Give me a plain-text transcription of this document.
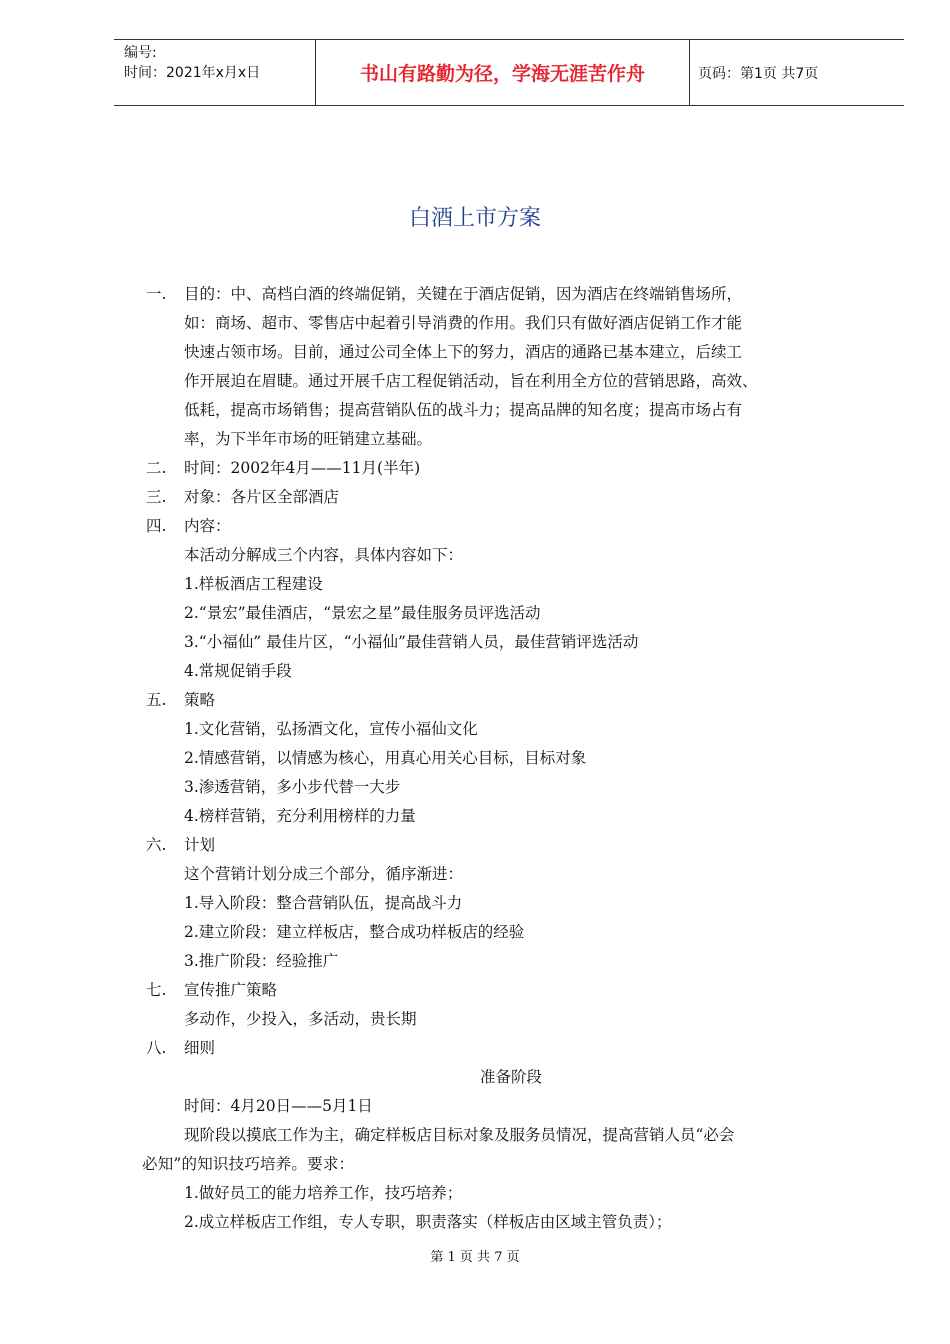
编号:
时间：2021年x月x日	书山有路勤为径，学海无涯苦作舟	页码：第1页 共7页
白酒上市方案
一. 目的：中、高档白酒的终端促销，关键在于酒店促销，因为酒店在终端销售场所，
如：商场、超市、零售店中起着引导消费的作用。我们只有做好酒店促销工作才能
快速占领市场。目前，通过公司全体上下的努力，酒店的通路已基本建立，后续工
作开展迫在眉睫。通过开展千店工程促销活动，旨在利用全方位的营销思路，高效、
低耗，提高市场销售；提高营销队伍的战斗力；提高品牌的知名度；提高市场占有
率，为下半年市场的旺销建立基础。
二. 时间：2002年4月——11月(半年)
三. 对象：各片区全部酒店
四. 内容：
本活动分解成三个内容，具体内容如下：
1.样板酒店工程建设
2.“景宏”最佳酒店，“景宏之星”最佳服务员评选活动
3.“小福仙” 最佳片区，“小福仙”最佳营销人员，最佳营销评选活动
4.常规促销手段
五. 策略
1.文化营销，弘扬酒文化，宣传小福仙文化
2.情感营销，以情感为核心，用真心用关心目标，目标对象
3.渗透营销，多小步代替一大步
4.榜样营销，充分利用榜样的力量
六. 计划
这个营销计划分成三个部分，循序渐进：
1.导入阶段：整合营销队伍，提高战斗力
2.建立阶段：建立样板店，整合成功样板店的经验
3.推广阶段：经验推广
七. 宣传推广策略
多动作，少投入，多活动，贵长期
八. 细则
准备阶段
时间：4月20日——5月1日
现阶段以摸底工作为主，确定样板店目标对象及服务员情况，提高营销人员“必会
必知”的知识技巧培养。要求：
1.做好员工的能力培养工作，技巧培养；
2.成立样板店工作组，专人专职，职责落实（样板店由区域主管负责）；
第 1 页 共 7 页
